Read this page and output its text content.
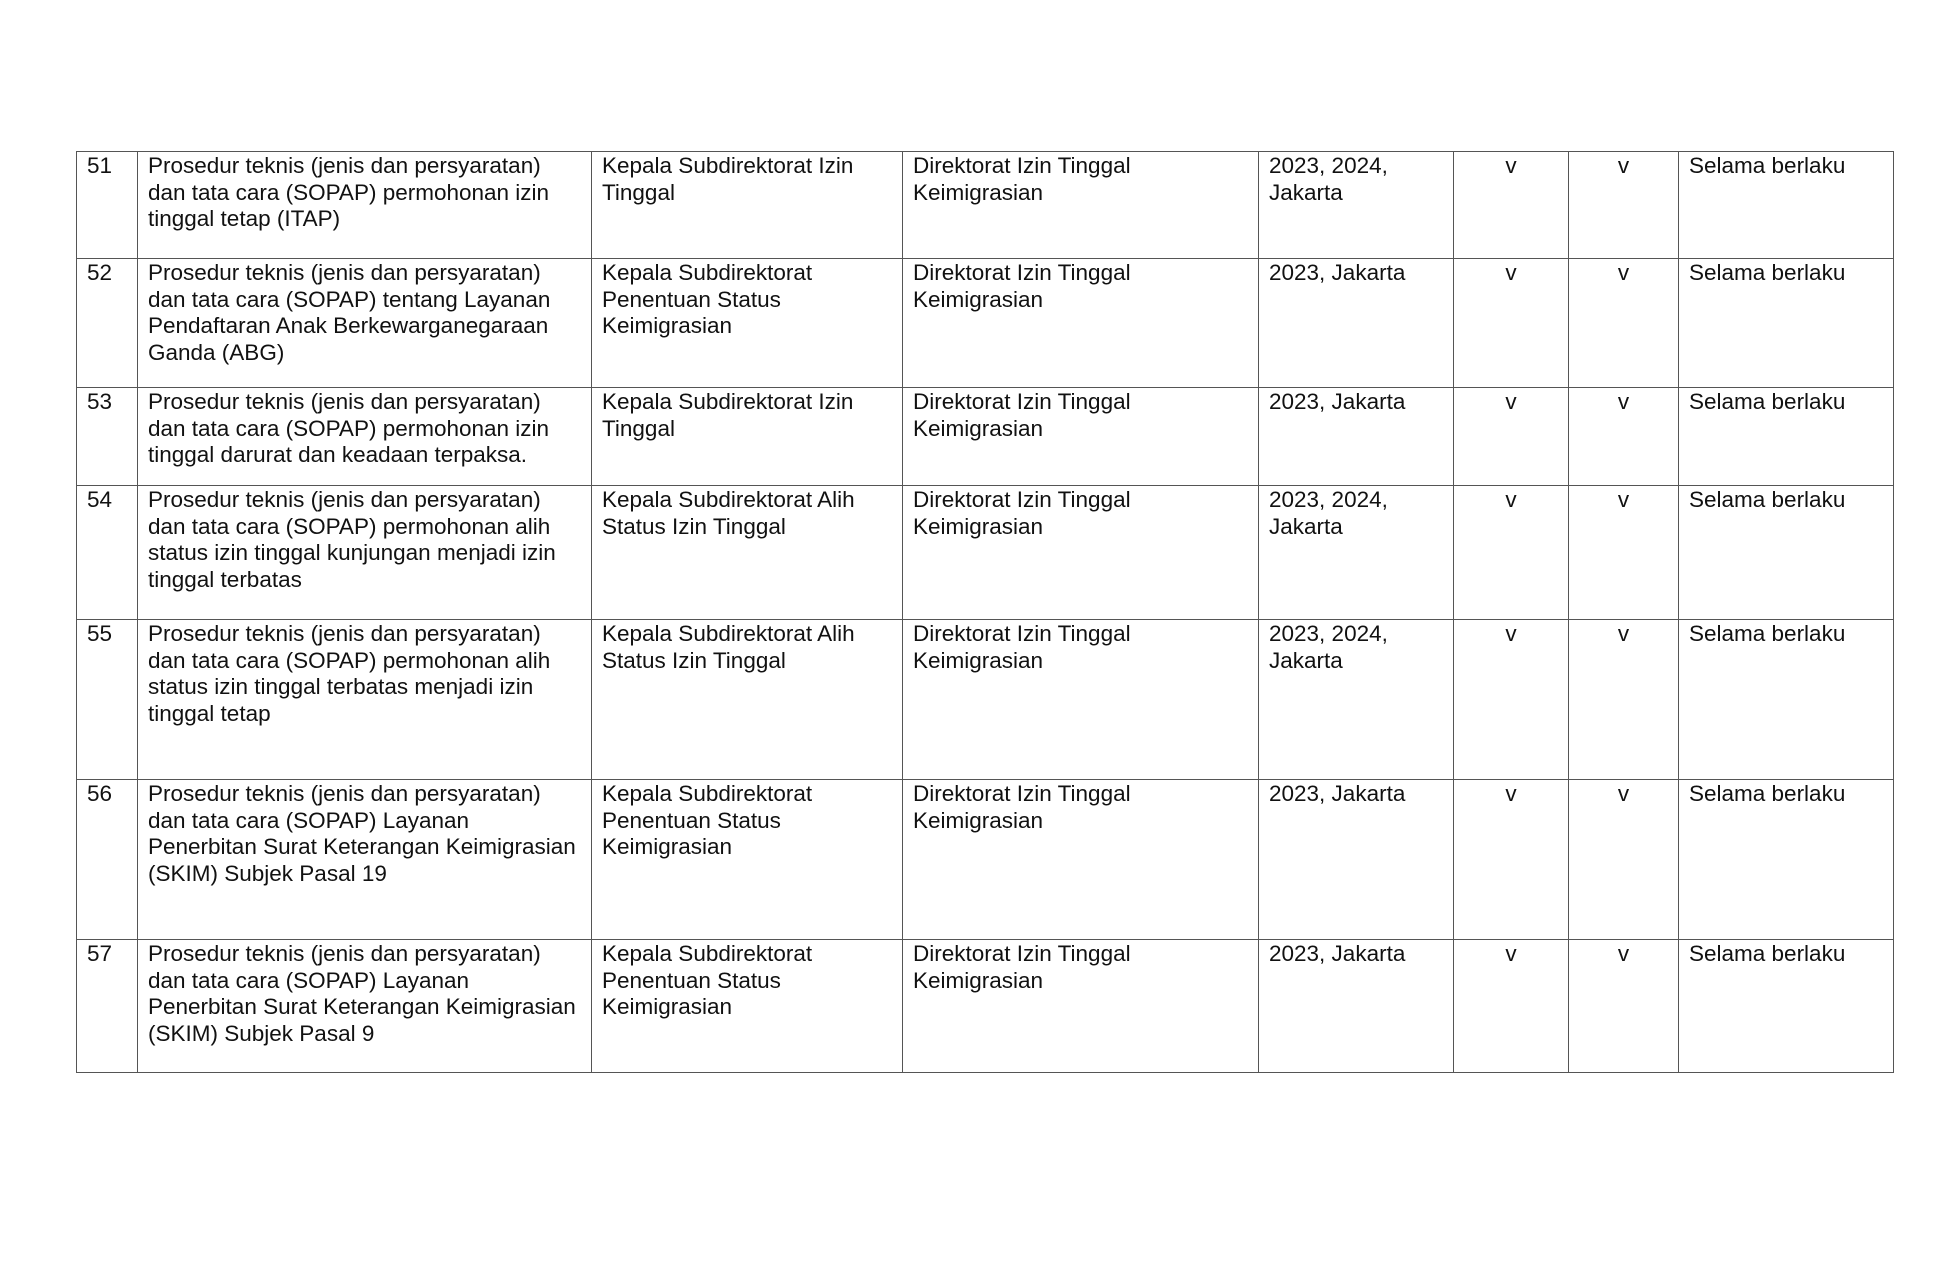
51	Prosedur teknis (jenis dan persyaratan) dan tata cara (SOPAP) permohonan izin tinggal tetap (ITAP)	Kepala Subdirektorat Izin Tinggal	Direktorat Izin Tinggal Keimigrasian	2023, 2024, Jakarta	v	v	Selama berlaku
52	Prosedur teknis (jenis dan persyaratan) dan tata cara (SOPAP) tentang Layanan Pendaftaran Anak Berkewarganegaraan Ganda (ABG)	Kepala Subdirektorat Penentuan Status Keimigrasian	Direktorat Izin Tinggal Keimigrasian	2023, Jakarta	v	v	Selama berlaku
53	Prosedur teknis (jenis dan persyaratan) dan tata cara (SOPAP) permohonan izin tinggal darurat dan keadaan terpaksa.	Kepala Subdirektorat Izin Tinggal	Direktorat Izin Tinggal Keimigrasian	2023, Jakarta	v	v	Selama berlaku
54	Prosedur teknis (jenis dan persyaratan) dan tata cara (SOPAP) permohonan alih status izin tinggal kunjungan menjadi izin tinggal terbatas	Kepala Subdirektorat Alih Status Izin Tinggal	Direktorat Izin Tinggal Keimigrasian	2023, 2024, Jakarta	v	v	Selama berlaku
55	Prosedur teknis (jenis dan persyaratan) dan tata cara (SOPAP) permohonan alih status izin tinggal terbatas menjadi izin tinggal tetap	Kepala Subdirektorat Alih Status Izin Tinggal	Direktorat Izin Tinggal Keimigrasian	2023, 2024, Jakarta	v	v	Selama berlaku
56	Prosedur teknis (jenis dan persyaratan) dan tata cara (SOPAP) Layanan Penerbitan Surat Keterangan Keimigrasian (SKIM) Subjek Pasal 19	Kepala Subdirektorat Penentuan Status Keimigrasian	Direktorat Izin Tinggal Keimigrasian	2023, Jakarta	v	v	Selama berlaku
57	Prosedur teknis (jenis dan persyaratan) dan tata cara (SOPAP) Layanan Penerbitan Surat Keterangan Keimigrasian (SKIM) Subjek Pasal 9	Kepala Subdirektorat Penentuan Status Keimigrasian	Direktorat Izin Tinggal Keimigrasian	2023, Jakarta	v	v	Selama berlaku
